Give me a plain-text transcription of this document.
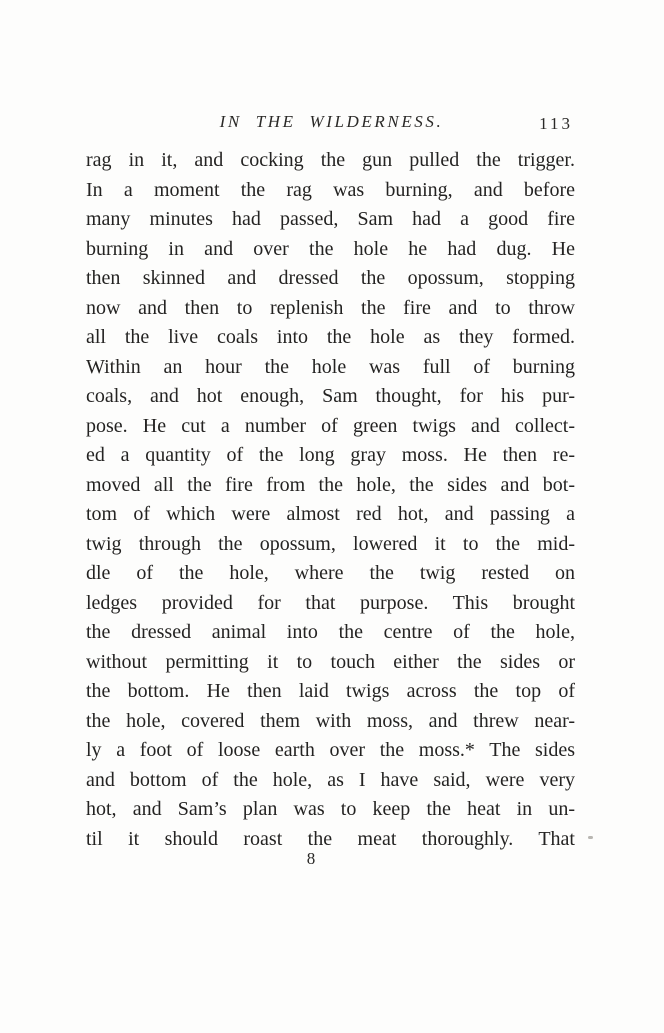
IN THE WILDERNESS.	113
rag in it, and cocking the gun pulled the trigger.
In a moment the rag was burning, and before
many minutes had passed, Sam had a good fire
burning in and over the hole he had dug. He
then skinned and dressed the opossum, stopping
now and then to replenish the fire and to throw
all the live coals into the hole as they formed.
Within an hour the hole was full of burning
coals, and hot enough, Sam thought, for his pur-
pose. He cut a number of green twigs and collect-
ed a quantity of the long gray moss. He then re-
moved all the fire from the hole, the sides and bot-
tom of which were almost red hot, and passing a
twig through the opossum, lowered it to the mid-
dle of the hole, where the twig rested on
ledges provided for that purpose. This brought
the dressed animal into the centre of the hole,
without permitting it to touch either the sides or
the bottom. He then laid twigs across the top of
the hole, covered them with moss, and threw near-
ly a foot of loose earth over the moss.* The sides
and bottom of the hole, as I have said, were very
hot, and Sam’s plan was to keep the heat in un-
til it should roast the meat thoroughly. That
8
